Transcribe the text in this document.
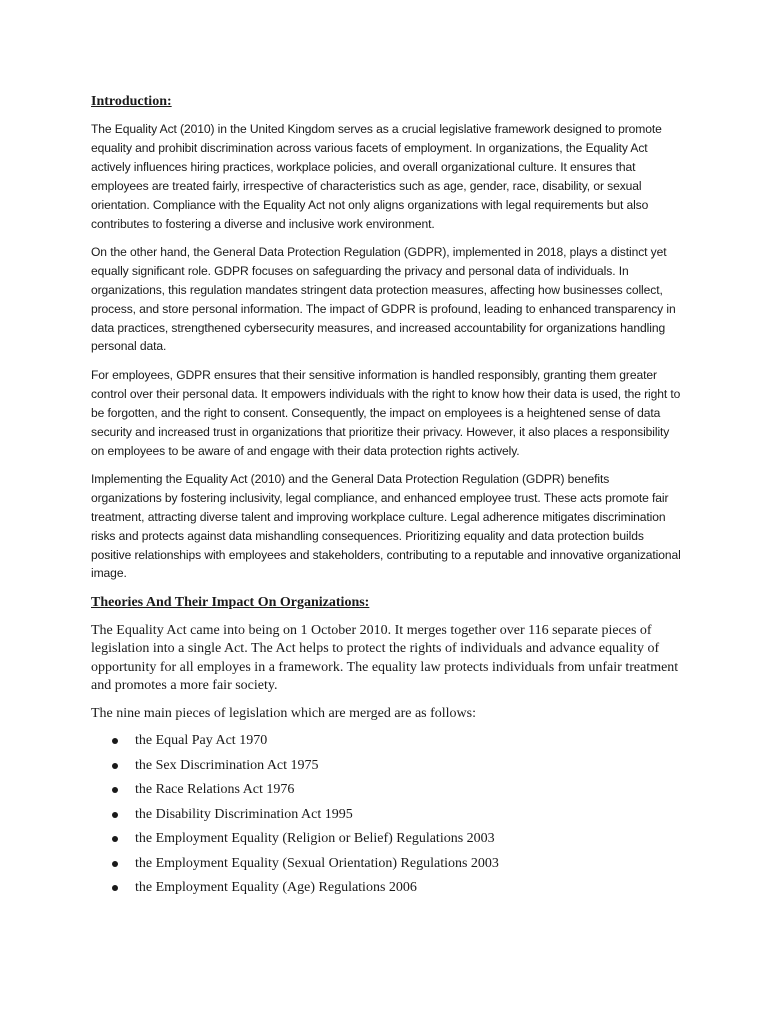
Introduction:

The Equality Act (2010) in the United Kingdom serves as a crucial legislative framework designed to promote equality and prohibit discrimination across various facets of employment. In organizations, the Equality Act actively influences hiring practices, workplace policies, and overall organizational culture. It ensures that employees are treated fairly, irrespective of characteristics such as age, gender, race, disability, or sexual orientation. Compliance with the Equality Act not only aligns organizations with legal requirements but also contributes to fostering a diverse and inclusive work environment.

On the other hand, the General Data Protection Regulation (GDPR), implemented in 2018, plays a distinct yet equally significant role. GDPR focuses on safeguarding the privacy and personal data of individuals. In organizations, this regulation mandates stringent data protection measures, affecting how businesses collect, process, and store personal information. The impact of GDPR is profound, leading to enhanced transparency in data practices, strengthened cybersecurity measures, and increased accountability for organizations handling personal data.

For employees, GDPR ensures that their sensitive information is handled responsibly, granting them greater control over their personal data. It empowers individuals with the right to know how their data is used, the right to be forgotten, and the right to consent. Consequently, the impact on employees is a heightened sense of data security and increased trust in organizations that prioritize their privacy. However, it also places a responsibility on employees to be aware of and engage with their data protection rights actively.

Implementing the Equality Act (2010) and the General Data Protection Regulation (GDPR) benefits organizations by fostering inclusivity, legal compliance, and enhanced employee trust. These acts promote fair treatment, attracting diverse talent and improving workplace culture. Legal adherence mitigates discrimination risks and protects against data mishandling consequences. Prioritizing equality and data protection builds positive relationships with employees and stakeholders, contributing to a reputable and innovative organizational image.

Theories And Their Impact On Organizations:

The Equality Act came into being on 1 October 2010. It merges together over 116 separate pieces of legislation into a single Act. The Act helps to protect the rights of individuals and advance equality of opportunity for all employes in a framework. The equality law protects individuals from unfair treatment and promotes a more fair society.

The nine main pieces of legislation which are merged are as follows:

the Equal Pay Act 1970
the Sex Discrimination Act 1975
the Race Relations Act 1976
the Disability Discrimination Act 1995
the Employment Equality (Religion or Belief) Regulations 2003
the Employment Equality (Sexual Orientation) Regulations 2003
the Employment Equality (Age) Regulations 2006
